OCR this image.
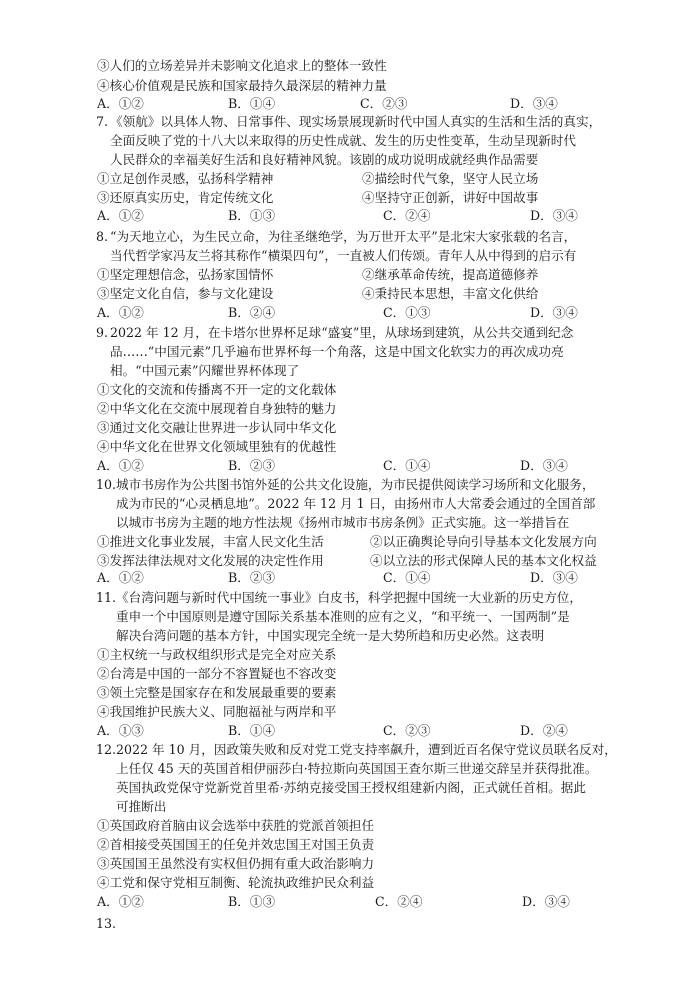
③人们的立场差异并未影响文化追求上的整体一致性
④核心价值观是民族和国家最持久最深层的精神力量
A．①②	B．①④	C．②③	D．③④
7. 《领航》以具体人物、日常事件、现实场景展现新时代中国人真实的生活和生活的真实，
全面反映了党的十八大以来取得的历史性成就、发生的历史性变革，生动呈现新时代
人民群众的幸福美好生活和良好精神风貌。该剧的成功说明成就经典作品需要
①立足创作灵感，弘扬科学精神	②描绘时代气象，坚守人民立场
③还原真实历史，肯定传统文化	④坚持守正创新，讲好中国故事
A．①②	B．①③	C．②④	D．③④
8. “为天地立心，为生民立命，为往圣继绝学，为万世开太平”是北宋大家张载的名言，
当代哲学家冯友兰将其称作“横渠四句”，一直被人们传颂。青年人从中得到的启示有
①坚定理想信念，弘扬家国情怀	②继承革命传统，提高道德修养
③坚定文化自信，参与文化建设	④秉持民本思想，丰富文化供给
A．①②	B．②④	C．①③	D．③④
9. 2022 年 12 月，在卡塔尔世界杯足球“盛宴”里，从球场到建筑，从公共交通到纪念
品……“中国元素”几乎遍布世界杯每一个角落，这是中国文化软实力的再次成功亮
相。“中国元素”闪耀世界杯体现了
①文化的交流和传播离不开一定的文化载体
②中华文化在交流中展现着自身独特的魅力
③通过文化交融让世界进一步认同中华文化
④中华文化在世界文化领域里独有的优越性
A．①②	B．②③	C．①④	D．③④
10. 城市书房作为公共图书馆外延的公共文化设施，为市民提供阅读学习场所和文化服务，
成为市民的“心灵栖息地”。2022 年 12 月 1 日，由扬州市人大常委会通过的全国首部
以城市书房为主题的地方性法规《扬州市城市书房条例》正式实施。这一举措旨在
①推进文化事业发展，丰富人民文化生活	②以正确舆论导向引导基本文化发展方向
③发挥法律法规对文化发展的决定性作用	④以立法的形式保障人民的基本文化权益
A．①②	B．②③	C．①④	D．③④
11. 《台湾问题与新时代中国统一事业》白皮书，科学把握中国统一大业新的历史方位，
重申一个中国原则是遵守国际关系基本准则的应有之义，“和平统一、一国两制”是
解决台湾问题的基本方针，中国实现完全统一是大势所趋和历史必然。这表明
①主权统一与政权组织形式是完全对应关系
②台湾是中国的一部分不容置疑也不容改变
③领土完整是国家存在和发展最重要的要素
④我国维护民族大义、同胞福祉与两岸和平
A．①③	B．①④	C．②③	D．②④
12. 2022 年 10 月，因政策失败和反对党工党支持率飙升，遭到近百名保守党议员联名反对，
上任仅 45 天的英国首相伊丽莎白·特拉斯向英国国王查尔斯三世递交辞呈并获得批准。
英国执政党保守党新党首里希·苏纳克接受国王授权组建新内阁，正式就任首相。据此
可推断出
①英国政府首脑由议会选举中获胜的党派首领担任
②首相接受英国国王的任免并效忠国王对国王负责
③英国国王虽然没有实权但仍拥有重大政治影响力
④工党和保守党相互制衡、轮流执政维护民众利益
A．①②	B．①③	C．②④	D．③④
13.
